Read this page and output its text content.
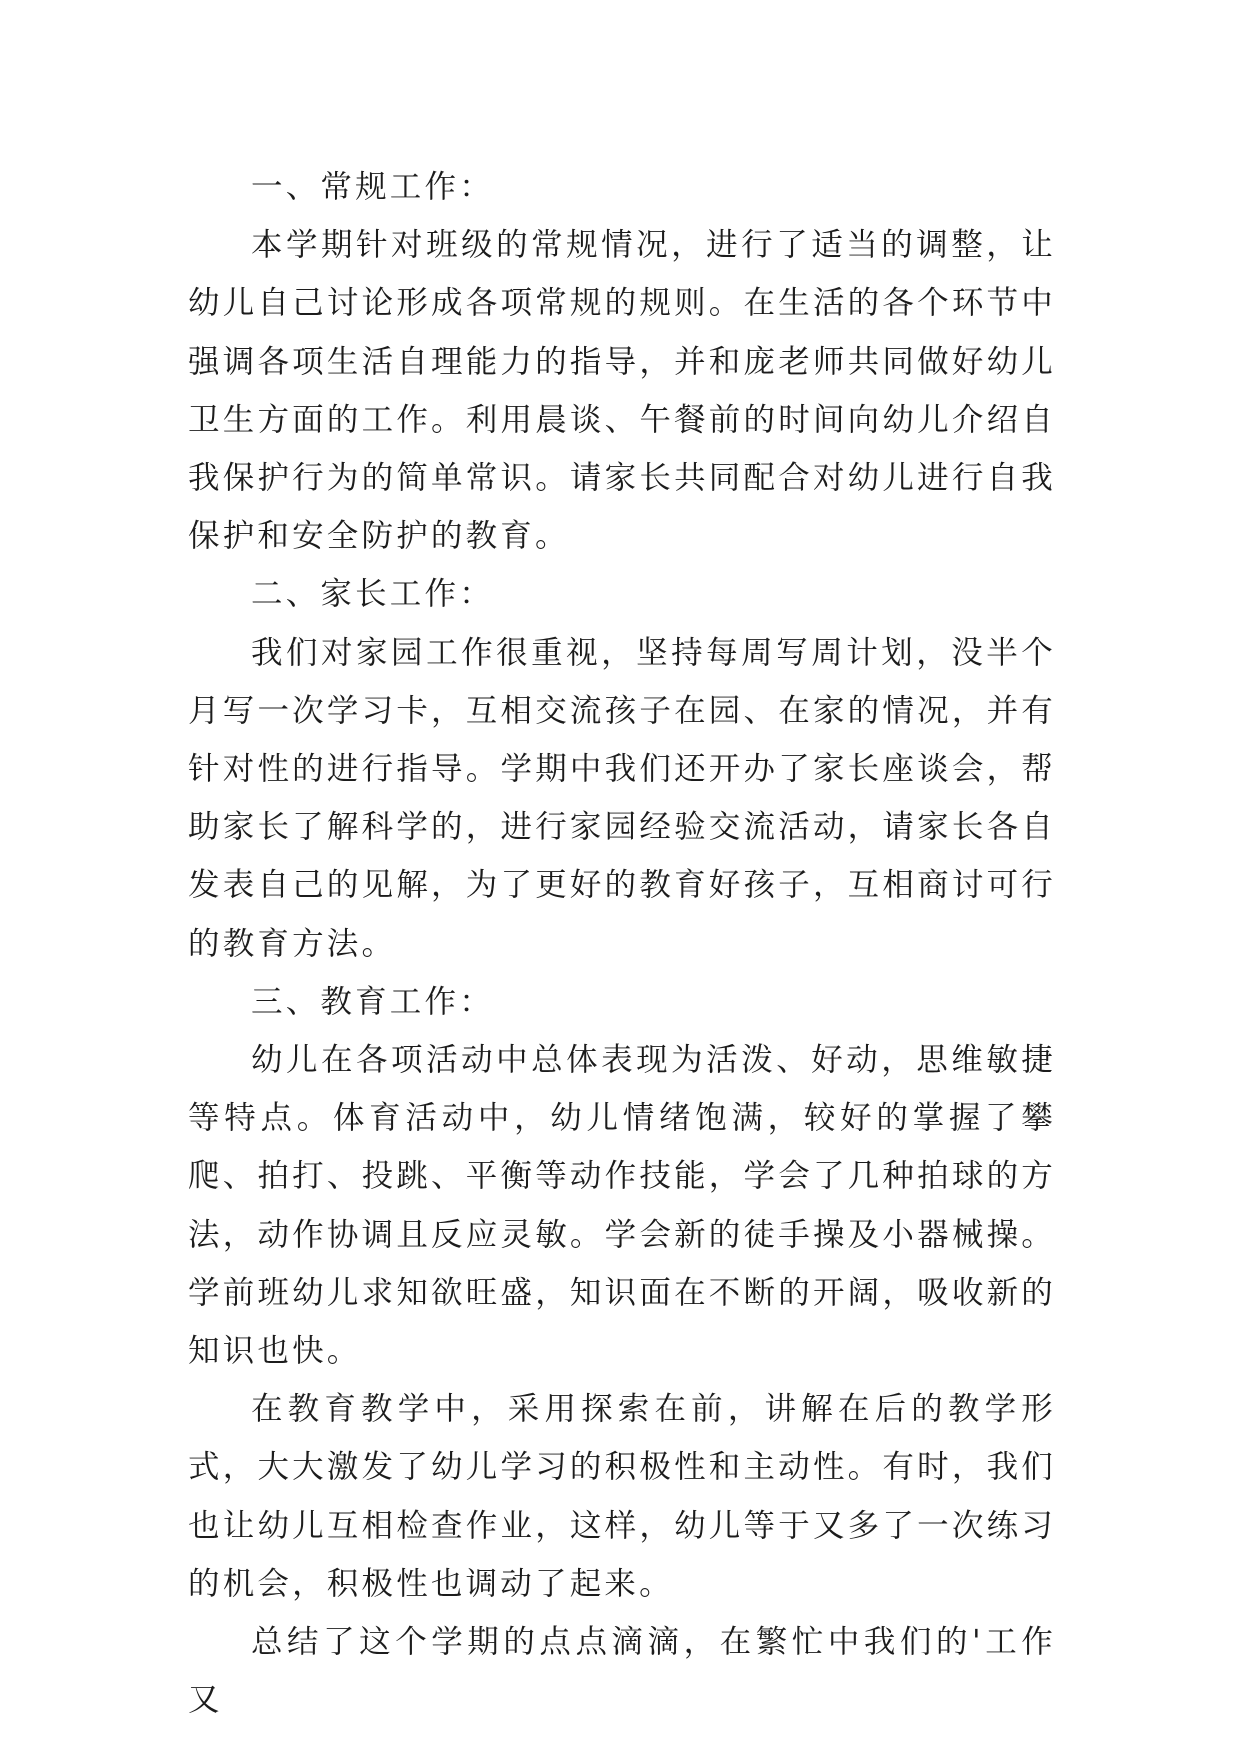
一、常规工作：

本学期针对班级的常规情况，进行了适当的调整，让幼儿自己讨论形成各项常规的规则。在生活的各个环节中强调各项生活自理能力的指导，并和庞老师共同做好幼儿卫生方面的工作。利用晨谈、午餐前的时间向幼儿介绍自我保护行为的简单常识。请家长共同配合对幼儿进行自我保护和安全防护的教育。

二、家长工作：

我们对家园工作很重视，坚持每周写周计划，没半个月写一次学习卡，互相交流孩子在园、在家的情况，并有针对性的进行指导。学期中我们还开办了家长座谈会，帮助家长了解科学的，进行家园经验交流活动，请家长各自发表自己的见解，为了更好的教育好孩子，互相商讨可行的教育方法。

三、教育工作：

幼儿在各项活动中总体表现为活泼、好动，思维敏捷等特点。体育活动中，幼儿情绪饱满，较好的掌握了攀爬、拍打、投跳、平衡等动作技能，学会了几种拍球的方法，动作协调且反应灵敏。学会新的徒手操及小器械操。学前班幼儿求知欲旺盛，知识面在不断的开阔，吸收新的知识也快。

在教育教学中，采用探索在前，讲解在后的教学形式，大大激发了幼儿学习的积极性和主动性。有时，我们也让幼儿互相检查作业，这样，幼儿等于又多了一次练习的机会，积极性也调动了起来。

总结了这个学期的点点滴滴，在繁忙中我们的'工作又
